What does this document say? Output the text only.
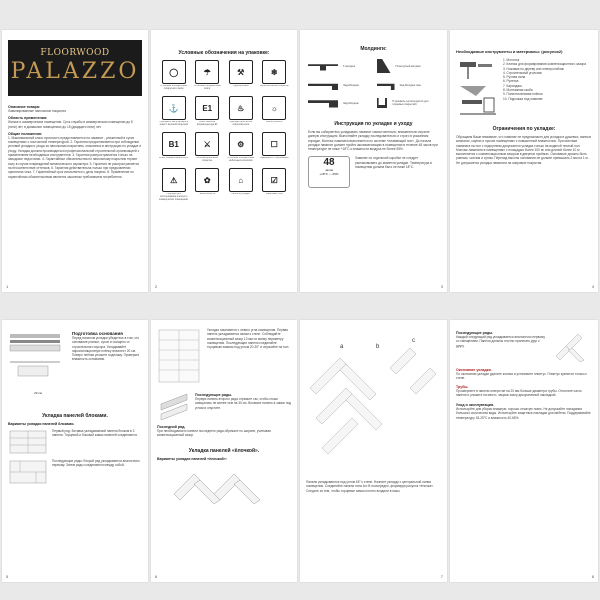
FLOORWOOD
PALAZZO
Описание товара:
Ламинированные напольные покрытия
Область применения:
Жилые и коммерческие помещения. Срок службы в коммерческом помещении до 5 (пяти) лет, в домашних помещениях до 15 (двадцати пяти) лет.
Общие положения:
1. Максимальный класс прочности предоставляется на ламинат , уложенный в сухих помещениях с постоянной температурой. 2. Гарантия предоставляется при соблюдении условий укладки и ухода за напольным покрытием, описанных в инструкции по укладке и уходу. Укладка должна производиться профессиональной строительной организацией с применением необходимых инструментов. 3. Гарантия распространяется только на заводские недостатки. 4. Гарантийные обязательства по напольному покрытию теряют силу в случае повреждений механического характера. 5. Гарантия не распространяется на несоответствие оттенков. 6. Гарантия действительна только при предъявлении оригинала чека. 7. Гарантийный срок исчисляется с даты покупки. 8. Применение по гарантийным обязательствам является законным требованием потребителя.
1
Условные обозначения на упаковке:
◯
Устойчиво к воздействию сигаретного ожога
☂
Устойчиво к воздействию влаги
⚒
Ударопрочный
❄
Антистатическое покрытие
⚓
Пригоден к эксплуатации в зонах с высокой нагрузкой
E1
Класс эмиссии формальдегида E1
♨
Пригодно для систем подогрева пола
☼
Светостойкость
B1
Класс пожароопасности B1
⚔
Антибактериальное покрытие
⚙
Устойчиво к воздействию мебельных колесиков
☐
Защищено от загрязнения
⚠
Пригоден для использования в жилых и коммерческих помещениях
✿
Экологичность
⌂
Лёгкость укладки
☑
Защитный слой
2
Молдинги:
Т-молдинг	Плинтусный молдинг
Энд-Молдинг	Энд-Молдинг мал.
Энд-Молдинг	П-профиль (используется для торцевых покрытий)
Инструкция по укладке и уходу
Если вы собираетесь укладывать ламинат самостоятельно, внимательно изучите данную инструкцию. Выполняйте укладку последовательно и строго в указанном порядке. Монтаж ламината выполняется по системе «плавающий пол». До начала укладки ламинат должен пройти акклиматизацию в помещении в течение 48 часов при температуре не ниже +18°C и влажности воздуха не более 65%.
48
часов
+18°C — 65%
Ламинат по отдельной коробке не следует распаковывать до момента укладки. Температура в помещении должна быть не ниже 18°C.
3
Необходимые инструменты и материалы: (рисунок2)
1. Молоток
2. Клинья для формирования компенсационного зазора
3. Ножовка по дереву или электролобзик
4. Строительный угольник
5. Ручная пила
6. Рулетка
7. Карандаш
8. Монтажная скоба
9. Полиэтиленовая плёнка
10. Подложка под ламинат
Ограничения по укладке:
Обращаем Ваше внимание, что ламинат не предназначен для укладки в душевых, ванных комнатах, саунах и прочих помещениях с повышенной влажностью. При монтаже ламината на пол с подогревом допускается укладка только на водяной теплый пол. Монтаж ламината в помещениях с площадью более 100 м² или длиной более 10 м выполняется с компенсационным зазором в дверных проёмах. Основание должно быть ровным, чистым и сухим. Перепад высоты основания не должен превышать 2 мм на 1 м. Не допускается укладка ламината на ковровые покрытия.
4
20 см
Подготовка основания
Перед началом укладки убедитесь в том, что основание ровное, сухое и очищено от строительного мусора. Укладывайте пароизоляционную плёнку внахлест 20 см. Поверх плёнки уложите подложку. Проверьте влажность основания.
Укладка панелей блоками.
Варианты укладки панелей блоками.
Первый ряд: Вставка укладываемой панели блоком в 3 панели. Торцевой и боковой замки панелей соединяются.
Последующие ряды: Второй ряд укладывается аналогично первому. Затем ряды соединяются между собой.
5
Укладка начинается с левого угла помещения. Первая панель укладывается пазом к стене. Соблюдайте компенсационный зазор 10 мм по всему периметру помещения. Последующие панели соединяйте торцевым замком под углом 20-30° и опускайте на пол.
Последующие ряды.
Первую панель второго ряда отрежьте так, чтобы стыки смещались не менее чем на 30 см. Вставьте панель в замок под углом и опустите.
Последний ряд.
При необходимости панели последнего ряда обрежьте по ширине, учитывая компенсационный зазор.
Укладка панелей «ёлочкой».
Варианты укладки панелей «ёлочкой»:
6
a	b
c
Панели укладываются под углом 45° к стене. Начните укладку с центральной линии помещения. Соединяйте панели типа A и B поочередно, формируя рисунок «ёлочка». Следите за тем, чтобы торцевые замки плотно входили в пазы.
7
Последующие ряды.
Каждый следующий ряд укладывается аналогично первому со смещением. Панели должны плотно прилегать друг к другу.
Окончание укладки.
По окончании укладки удалите клинья и установите плинтус. Плинтус крепится только к стене.
Трубы.
Просверлите в панели отверстие на 20 мм больше диаметра трубы. Отпилите часть панели и уложите на место, закрыв зазор декоративной накладкой.
Уход и эксплуатация.
Используйте для уборки влажную, хорошо отжатую ткань. Не допускайте попадания большого количества воды. Используйте защитные накладки для мебели. Поддерживайте температуру 18-25°C и влажность 40-65%.
8
